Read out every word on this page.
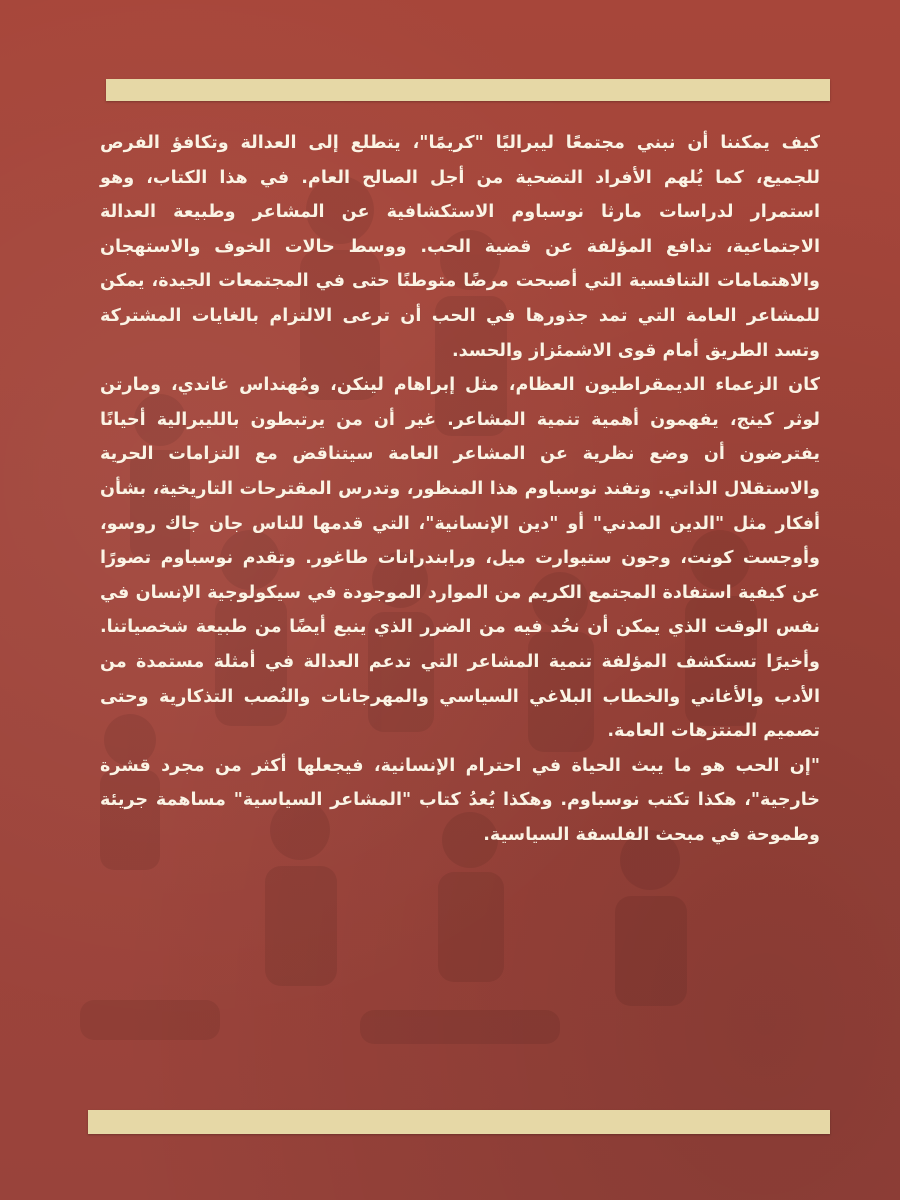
كيف يمكننا أن نبني مجتمعًا ليبراليًا "كريمًا"، يتطلع إلى العدالة وتكافؤ الفرص للجميع، كما يُلهم الأفراد التضحية من أجل الصالح العام. في هذا الكتاب، وهو استمرار لدراسات مارثا نوسباوم الاستكشافية عن المشاعر وطبيعة العدالة الاجتماعية، تدافع المؤلفة عن قضية الحب. ووسط حالات الخوف والاستهجان والاهتمامات التنافسية التي أصبحت مرضًا متوطنًا حتى في المجتمعات الجيدة، يمكن للمشاعر العامة التي تمد جذورها في الحب أن ترعى الالتزام بالغايات المشتركة وتسد الطريق أمام قوى الاشمئزاز والحسد.

كان الزعماء الديمقراطيون العظام، مثل إبراهام لينكن، ومُهنداس غاندي، ومارتن لوثر كينج، يفهمون أهمية تنمية المشاعر. غير أن من يرتبطون بالليبرالية أحيانًا يفترضون أن وضع نظرية عن المشاعر العامة سيتناقض مع التزامات الحرية والاستقلال الذاتي. وتفند نوسباوم هذا المنظور، وتدرس المقترحات التاريخية، بشأن أفكار مثل "الدين المدني" أو "دين الإنسانية"، التي قدمها للناس جان جاك روسو، وأوجست كونت، وجون ستيوارت ميل، ورابندرانات طاغور. وتقدم نوسباوم تصورًا عن كيفية استفادة المجتمع الكريم من الموارد الموجودة في سيكولوجية الإنسان في نفس الوقت الذي يمكن أن نحُد فيه من الضرر الذي ينبع أيضًا من طبيعة شخصياتنا. وأخيرًا تستكشف المؤلفة تنمية المشاعر التي تدعم العدالة في أمثلة مستمدة من الأدب والأغاني والخطاب البلاغي السياسي والمهرجانات والنُصب التذكارية وحتى تصميم المنتزهات العامة.

"إن الحب هو ما يبث الحياة في احترام الإنسانية، فيجعلها أكثر من مجرد قشرة خارجية"، هكذا تكتب نوسباوم. وهكذا يُعدُ كتاب "المشاعر السياسية" مساهمة جريئة وطموحة في مبحث الفلسفة السياسية.
